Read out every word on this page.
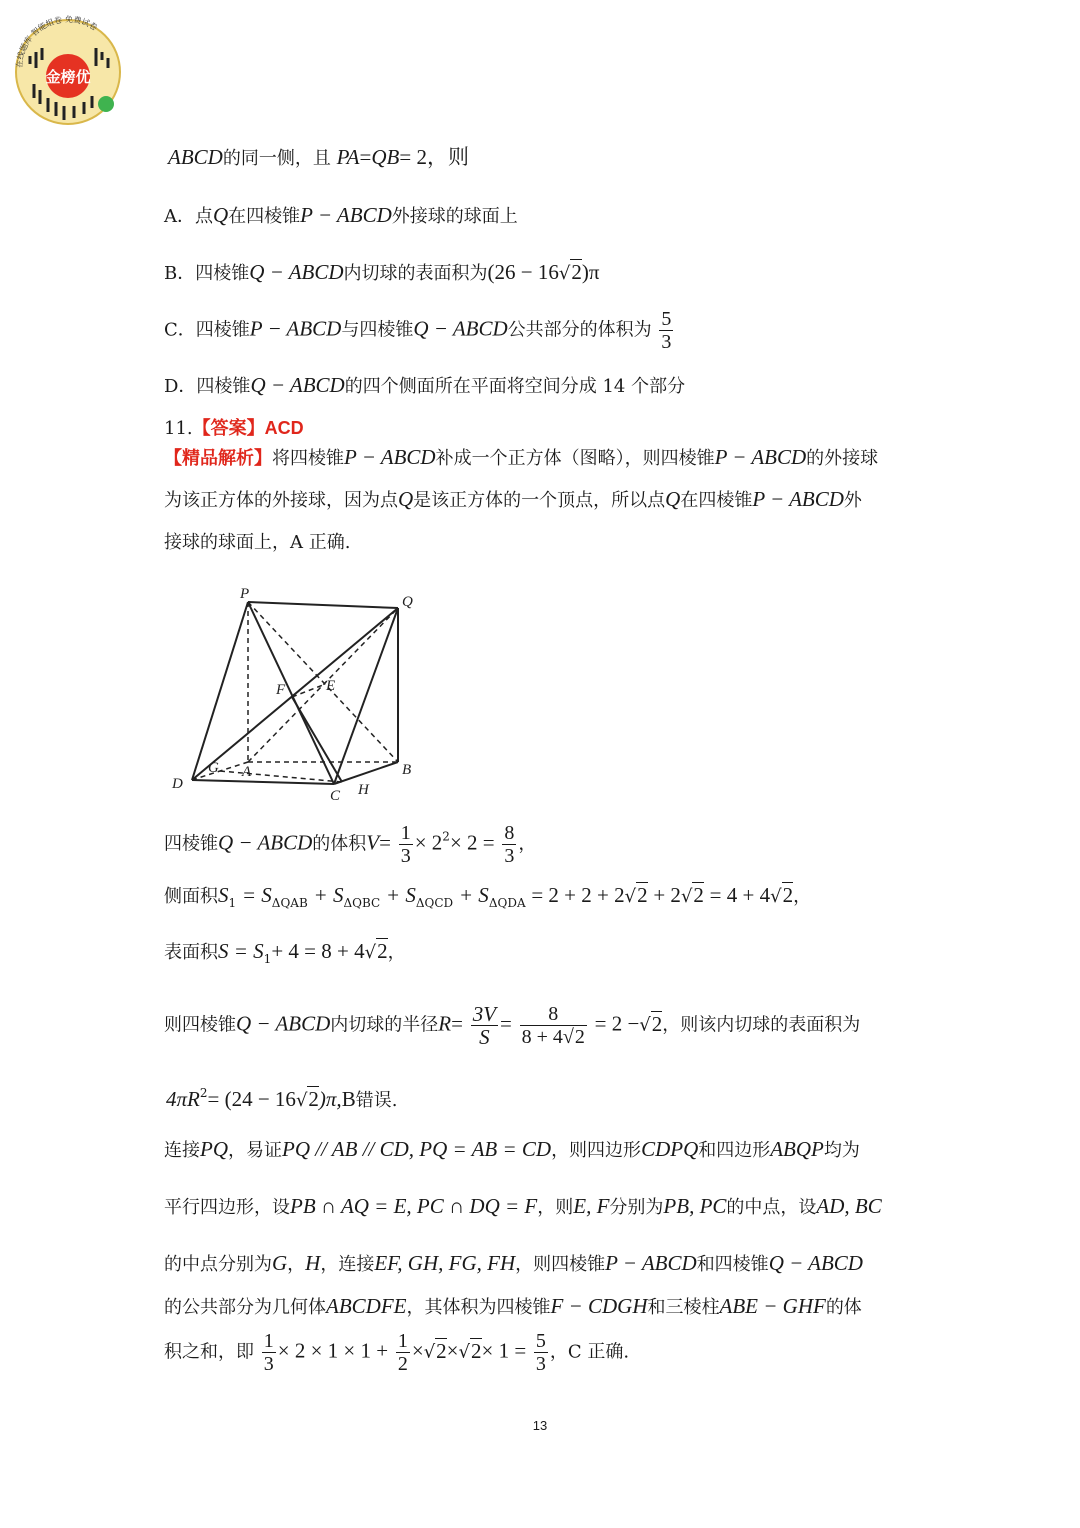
在线题库 智能组卷 免费试卷
金榜优
ABCD的同一侧，且 PA=QB= 2，则
A．点Q在四棱锥P − ABCD外接球的球面上
B．四棱锥Q − ABCD内切球的表面积为(26 − 16√2)π
C．四棱锥P − ABCD与四棱锥Q − ABCD公共部分的体积为 $\frac{5}{3}$
D．四棱锥Q − ABCD的四个侧面所在平面将空间分成 14 个部分
11.【答案】ACD
【精品解析】将四棱锥P − ABCD补成一个正方体（图略），则四棱锥P − ABCD的外接球
为该正方体的外接球，因为点Q是该正方体的一个顶点，所以点Q在四棱锥P − ABCD外
接球的球面上，A 正确.
P	Q
F	E
G A
D
B
C H
四棱锥Q − ABCD的体积$V= \frac{1}{3} \times 2^2\times 2 = \frac{8}{3}$ ，
侧面积$S_1 = S_{\Delta QAB} + S_{\Delta QBC} + S_{\Delta QCD} + S_{\Delta QDA} = 2 + 2 + 2√2 + 2√2 = 4 + 4√2$，
表面积$S = S_1+ 4 = 8 + 4√2$，
则四棱锥Q − ABCD内切球的半径$R= \frac{3V}{S} = \frac{8}{8 + 4√2} = 2 -√2$，则该内切球的表面积为
$4\pi R^2= (24 - 16√2)\pi,B$错误.
连接PQ，易证PQ // AB // CD, PQ = AB = CD，则四边形CDPQ和四边形ABQP均为
平行四边形，设PB ∩ AQ = E, PC ∩ DQ = F，则E, F分别为PB, PC的中点，设AD, BC
的中点分别为G，H，连接EF, GH, FG, FH，则四棱锥P − ABCD和四棱锥Q − ABCD
的公共部分为几何体ABCDFE，其体积为四棱锥F − CDGH和三棱柱ABE − GHF的体
积之和，即 $\frac{1}{3} \times 2 \times 1 \times 1 + \frac{1}{2} \times√2\times√2\times 1 = \frac{5}{3}$ ，C 正确.
13
